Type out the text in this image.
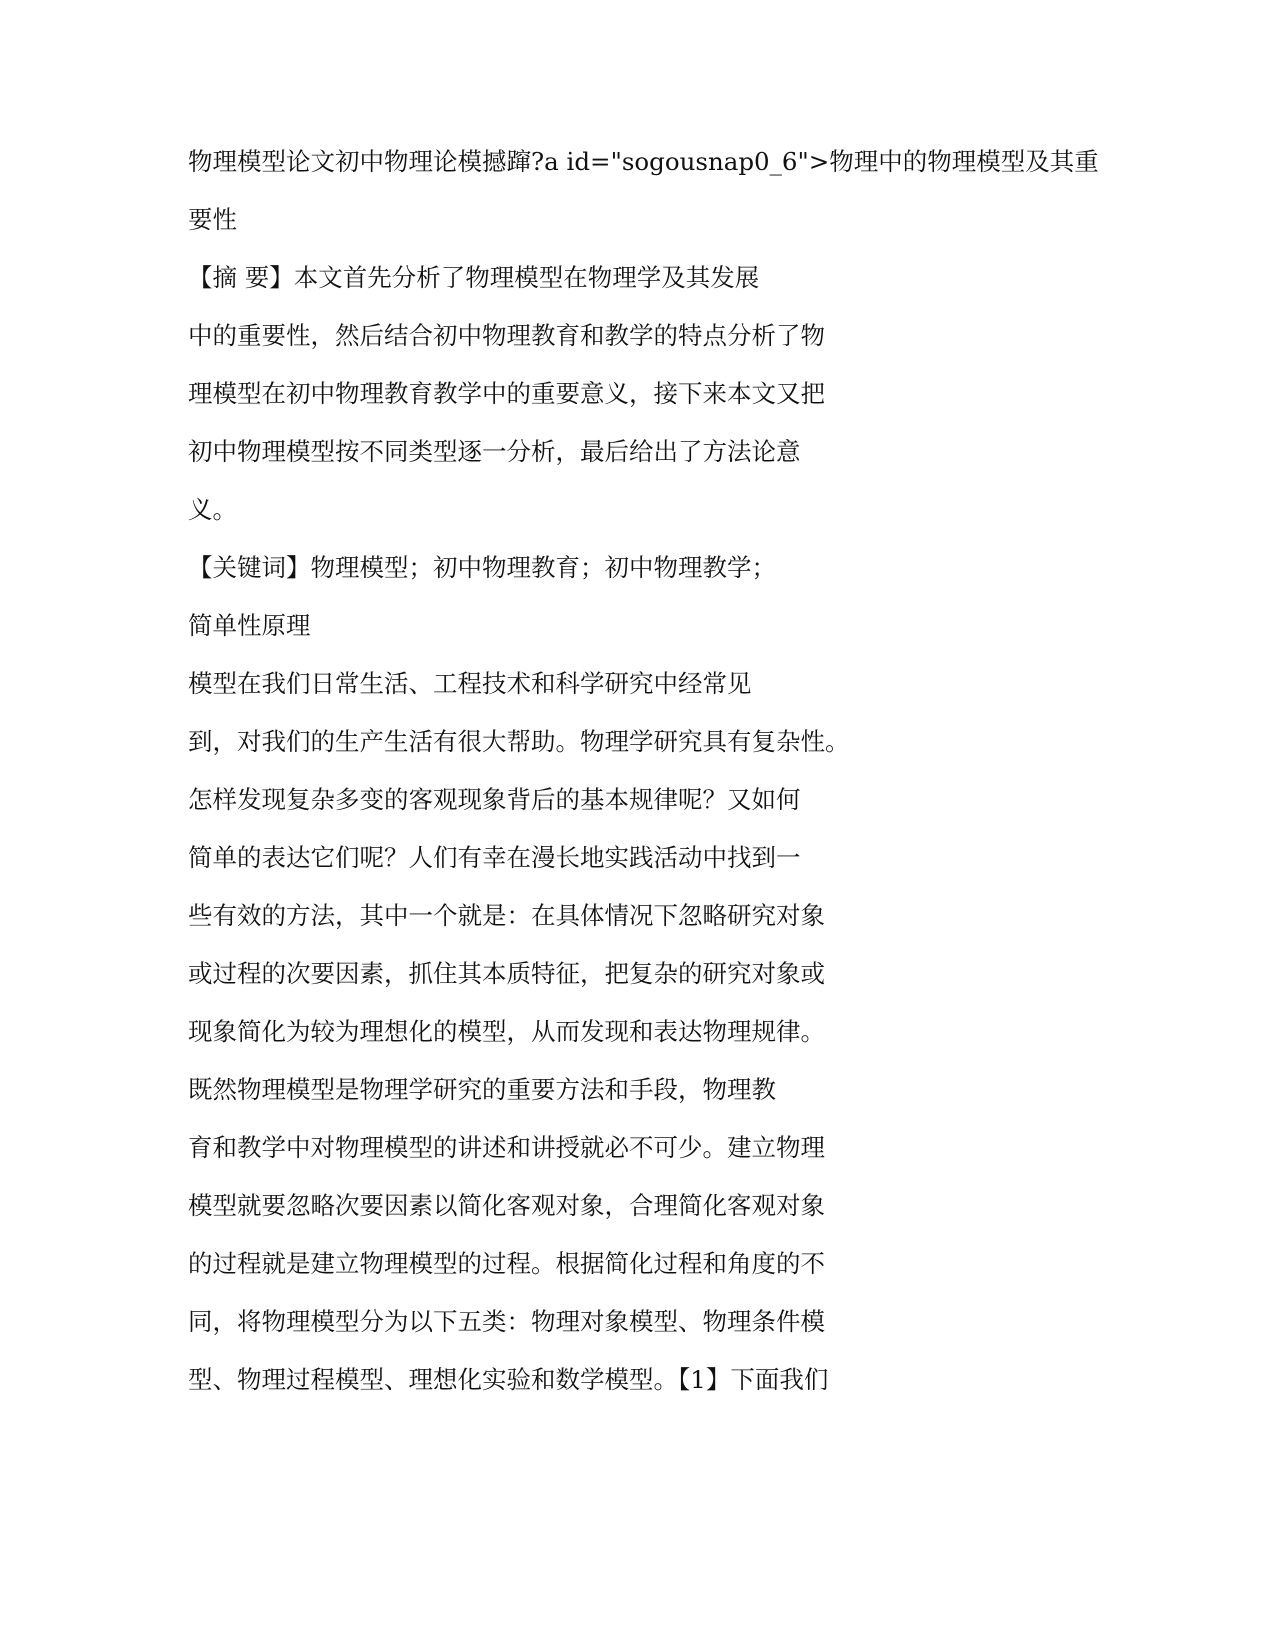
物理模型论文初中物理论模撼蹿?a id="sogousnap0_6">物理中的物理模型及其重

要性

【摘 要】本文首先分析了物理模型在物理学及其发展

中的重要性，然后结合初中物理教育和教学的特点分析了物

理模型在初中物理教育教学中的重要意义，接下来本文又把

初中物理模型按不同类型逐一分析，最后给出了方法论意

义。

【关键词】物理模型；初中物理教育；初中物理教学；

简单性原理

模型在我们日常生活、工程技术和科学研究中经常见

到，对我们的生产生活有很大帮助。物理学研究具有复杂性。

怎样发现复杂多变的客观现象背后的基本规律呢？又如何

简单的表达它们呢？人们有幸在漫长地实践活动中找到一

些有效的方法，其中一个就是：在具体情况下忽略研究对象

或过程的次要因素，抓住其本质特征，把复杂的研究对象或

现象简化为较为理想化的模型，从而发现和表达物理规律。

既然物理模型是物理学研究的重要方法和手段，物理教

育和教学中对物理模型的讲述和讲授就必不可少。建立物理

模型就要忽略次要因素以简化客观对象，合理简化客观对象

的过程就是建立物理模型的过程。根据简化过程和角度的不

同，将物理模型分为以下五类：物理对象模型、物理条件模

型、物理过程模型、理想化实验和数学模型。【1】下面我们
